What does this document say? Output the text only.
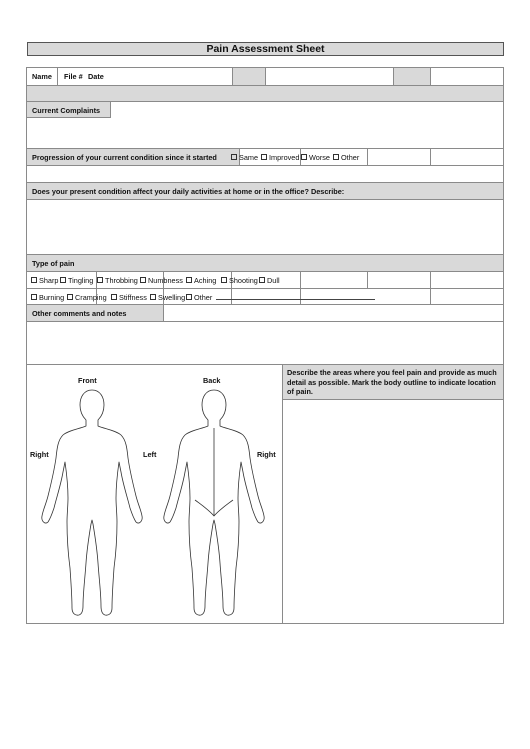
Pain Assessment Sheet
Name File # Date
Current Complaints
Progression of your current condition since it started	Same	Improved	Worse	Other
Does your present condition affect your daily activities at home or in the office? Describe:
Type of pain
Sharp	Tingling	Throbbing	Numbness	Aching	Shooting	Dull
Burning	Cramping	Stiffness	Swelling	Other
Other comments and notes
Describe the areas where you feel pain and provide as much detail as possible. Mark the body outline to indicate location of pain.
Front	Back
Right	Left	Right
